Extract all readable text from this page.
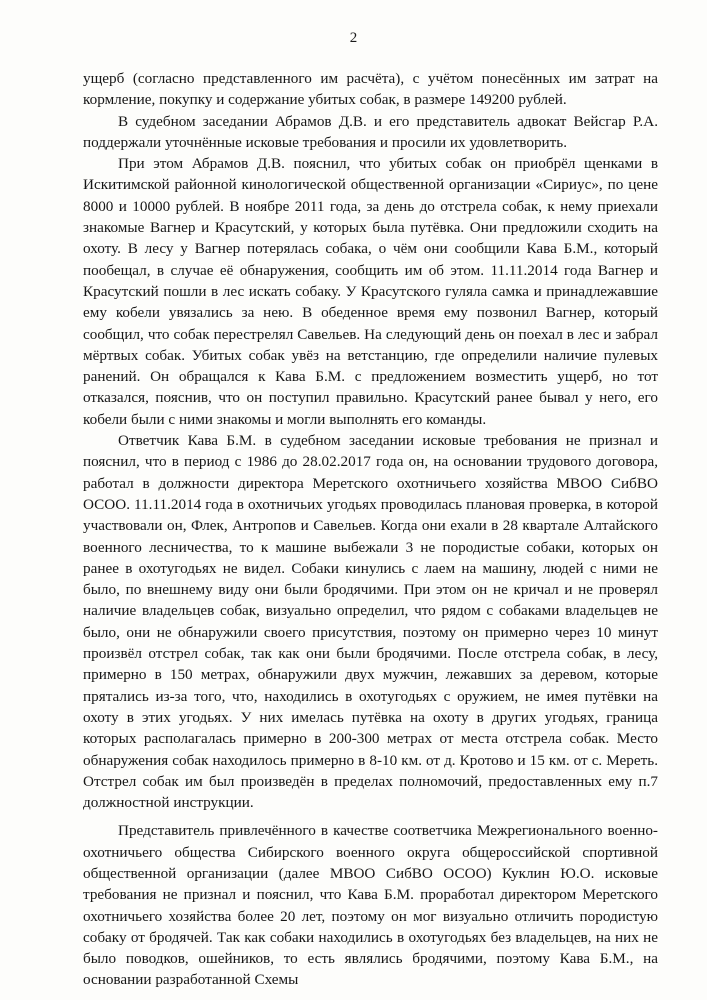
2

ущерб (согласно представленного им расчёта), с учётом понесённых им затрат на кормление, покупку и содержание убитых собак, в размере 149200 рублей.

В судебном заседании Абрамов Д.В. и его представитель адвокат Вейсгар Р.А. поддержали уточнённые исковые требования и просили их удовлетворить.

При этом Абрамов Д.В. пояснил, что убитых собак он приобрёл щенками в Искитимской районной кинологической общественной организации «Сириус», по цене 8000 и 10000 рублей. В ноябре 2011 года, за день до отстрела собак, к нему приехали знакомые Вагнер и Красутский, у которых была путёвка. Они предложили сходить на охоту. В лесу у Вагнер потерялась собака, о чём они сообщили Кава Б.М., который пообещал, в случае её обнаружения, сообщить им об этом. 11.11.2014 года Вагнер и Красутский пошли в лес искать собаку. У Красутского гуляла самка и принадлежавшие ему кобели увязались за нею. В обеденное время ему позвонил Вагнер, который сообщил, что собак перестрелял Савельев. На следующий день он поехал в лес и забрал мёртвых собак. Убитых собак увёз на ветстанцию, где определили наличие пулевых ранений. Он обращался к Кава Б.М. с предложением возместить ущерб, но тот отказался, пояснив, что он поступил правильно. Красутский ранее бывал у него, его кобели были с ними знакомы и могли выполнять его команды.

Ответчик Кава Б.М. в судебном заседании исковые требования не признал и пояснил, что в период с 1986 до 28.02.2017 года он, на основании трудового договора, работал в должности директора Меретского охотничьего хозяйства МВОО СибВО ОСОО. 11.11.2014 года в охотничьих угодьях проводилась плановая проверка, в которой участвовали он, Флек, Антропов и Савельев. Когда они ехали в 28 квартале Алтайского военного лесничества, то к машине выбежали 3 не породистые собаки, которых он ранее в охотугодьях не видел. Собаки кинулись с лаем на машину, людей с ними не было, по внешнему виду они были бродячими. При этом он не кричал и не проверял наличие владельцев собак, визуально определил, что рядом с собаками владельцев не было, они не обнаружили своего присутствия, поэтому он примерно через 10 минут произвёл отстрел собак, так как они были бродячими. После отстрела собак, в лесу, примерно в 150 метрах, обнаружили двух мужчин, лежавших за деревом, которые прятались из-за того, что, находились в охотугодьях с оружием, не имея путёвки на охоту в этих угодьях. У них имелась путёвка на охоту в других угодьях, граница которых располагалась примерно в 200-300 метрах от места отстрела собак. Место обнаружения собак находилось примерно в 8-10 км. от д. Кротово и 15 км. от с. Мереть. Отстрел собак им был произведён в пределах полномочий, предоставленных ему п.7 должностной инструкции.

Представитель привлечённого в качестве соответчика Межрегионального военно-охотничьего общества Сибирского военного округа общероссийской спортивной общественной организации (далее МВОО СибВО ОСОО) Куклин Ю.О. исковые требования не признал и пояснил, что Кава Б.М. проработал директором Меретского охотничьего хозяйства более 20 лет, поэтому он мог визуально отличить породистую собаку от бродячей. Так как собаки находились в охотугодьях без владельцев, на них не было поводков, ошейников, то есть являлись бродячими, поэтому Кава Б.М., на основании разработанной Схемы
